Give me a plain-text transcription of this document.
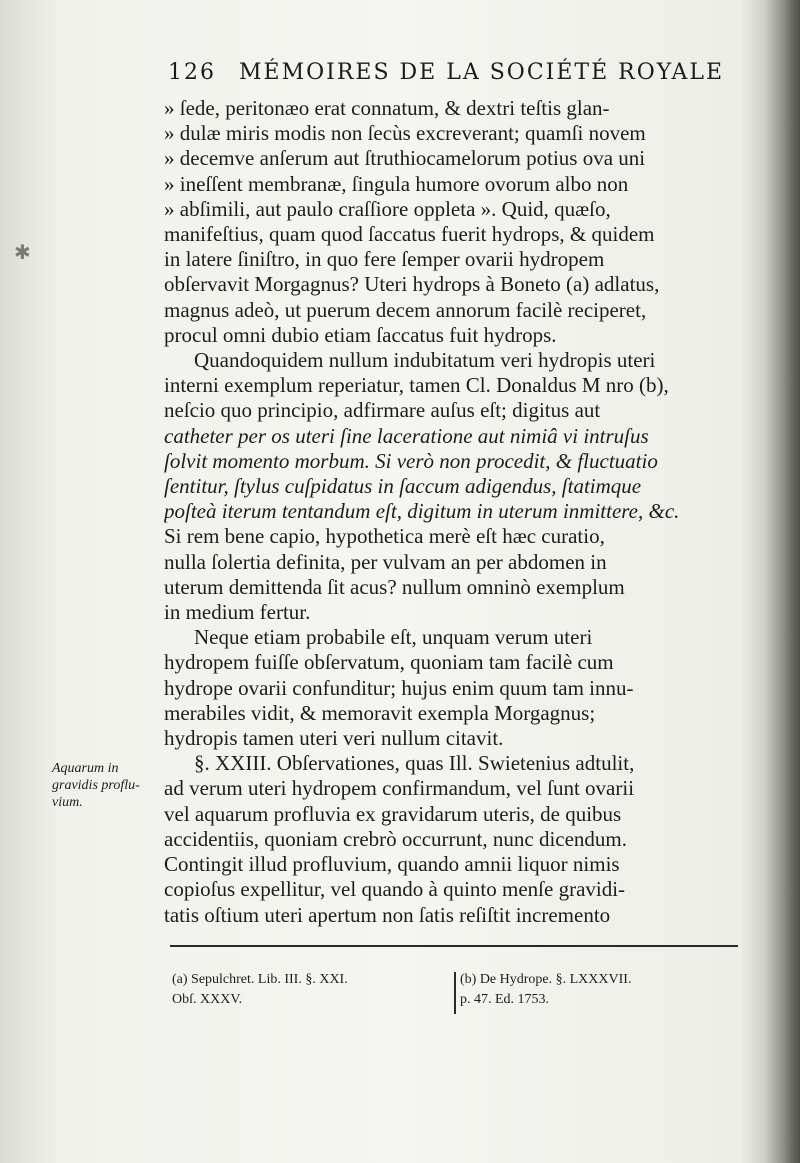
✱
126 MÉMOIRES DE LA SOCIÉTÉ ROYALE
» ſede, peritonæo erat connatum, & dextri teſtis glan-
» dulæ miris modis non ſecùs excreverant; quamſi novem
» decemve anſerum aut ſtruthiocamelorum potius ova uni
» ineſſent membranæ, ſingula humore ovorum albo non
» abſimili, aut paulo craſſiore oppleta ». Quid, quæſo,
manifeſtius, quam quod ſaccatus fuerit hydrops, & quidem
in latere ſiniſtro, in quo fere ſemper ovarii hydropem
obſervavit Morgagnus? Uteri hydrops à Boneto (a) adlatus,
magnus adeò, ut puerum decem annorum facilè reciperet,
procul omni dubio etiam ſaccatus fuit hydrops.
Quandoquidem nullum indubitatum veri hydropis uteri
interni exemplum reperiatur, tamen Cl. Donaldus M nro (b),
neſcio quo principio, adfirmare auſus eſt; digitus aut
catheter per os uteri ſine laceratione aut nimiâ vi intruſus
ſolvit momento morbum. Si verò non procedit, & fluctuatio
ſentitur, ſtylus cuſpidatus in ſaccum adigendus, ſtatimque
poſteà iterum tentandum eſt, digitum in uterum inmittere, &c.
Si rem bene capio, hypothetica merè eſt hæc curatio,
nulla ſolertia definita, per vulvam an per abdomen in
uterum demittenda ſit acus? nullum omninò exemplum
in medium fertur.
Neque etiam probabile eſt, unquam verum uteri
hydropem fuiſſe obſervatum, quoniam tam facilè cum
hydrope ovarii confunditur; hujus enim quum tam innu-
merabiles vidit, & memoravit exempla Morgagnus;
hydropis tamen uteri veri nullum citavit.
§. XXIII. Obſervationes, quas Ill. Swietenius adtulit,
ad verum uteri hydropem confirmandum, vel ſunt ovarii
vel aquarum profluvia ex gravidarum uteris, de quibus
accidentiis, quoniam crebrò occurrunt, nunc dicendum.
Contingit illud profluvium, quando amnii liquor nimis
copioſus expellitur, vel quando à quinto menſe gravidi-
tatis oſtium uteri apertum non ſatis reſiſtit incremento
Aquarum in
gravidis proflu-
vium.
(a) Sepulchret. Lib. III. §. XXI.
Obſ. XXXV.
(b) De Hydrope. §. LXXXVII.
p. 47. Ed. 1753.
